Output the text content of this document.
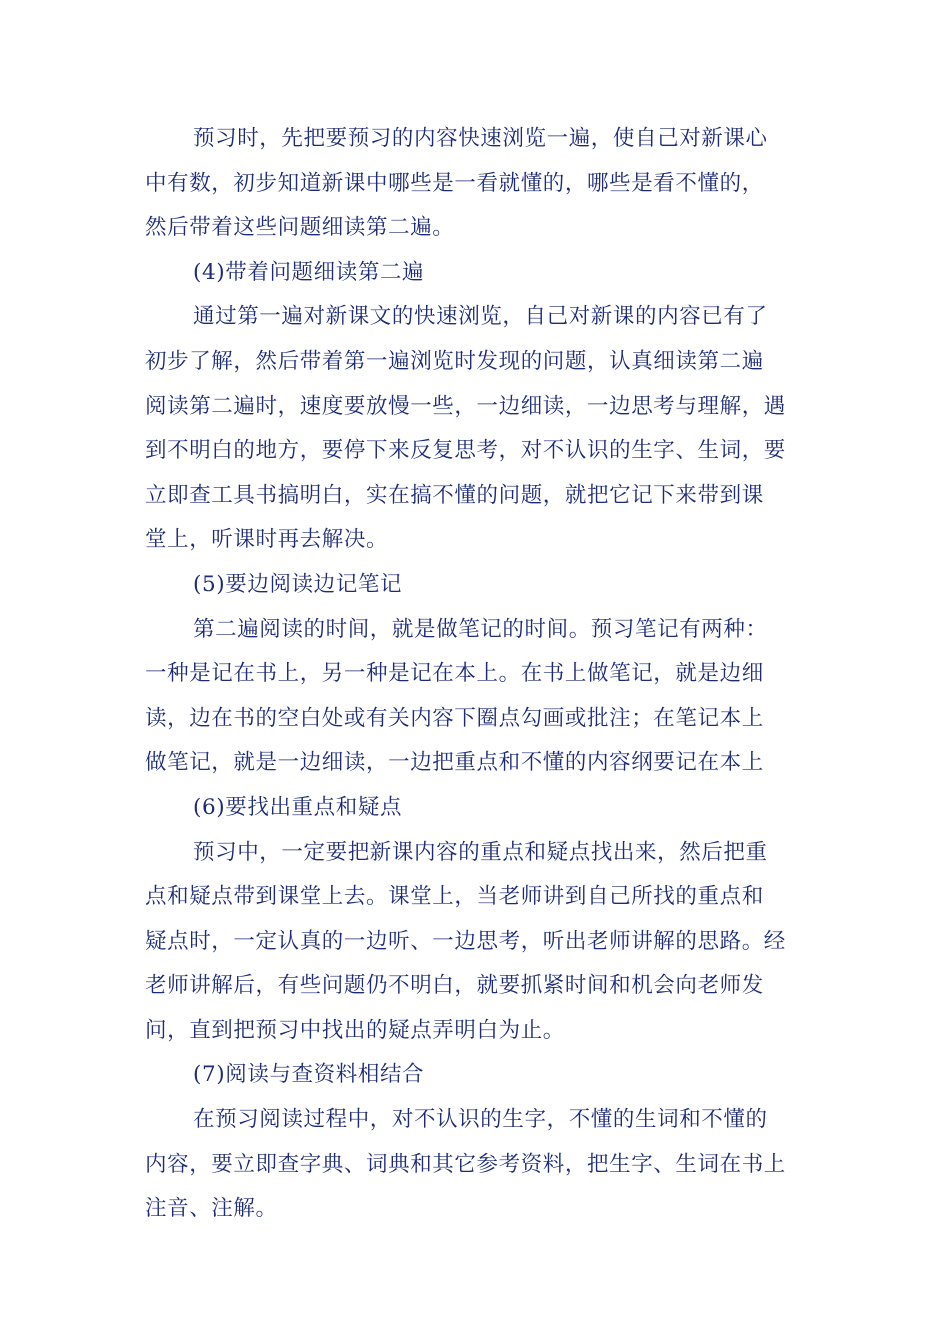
预习时，先把要预习的内容快速浏览一遍，使自己对新课心
中有数，初步知道新课中哪些是一看就懂的，哪些是看不懂的，
然后带着这些问题细读第二遍。
(4)带着问题细读第二遍
通过第一遍对新课文的快速浏览，自己对新课的内容已有了
初步了解，然后带着第一遍浏览时发现的问题，认真细读第二遍
阅读第二遍时，速度要放慢一些，一边细读，一边思考与理解，遇
到不明白的地方，要停下来反复思考，对不认识的生字、生词，要
立即查工具书搞明白，实在搞不懂的问题，就把它记下来带到课
堂上，听课时再去解决。
(5)要边阅读边记笔记
第二遍阅读的时间，就是做笔记的时间。预习笔记有两种：
一种是记在书上，另一种是记在本上。在书上做笔记，就是边细
读，边在书的空白处或有关内容下圈点勾画或批注；在笔记本上
做笔记，就是一边细读，一边把重点和不懂的内容纲要记在本上
(6)要找出重点和疑点
预习中，一定要把新课内容的重点和疑点找出来，然后把重
点和疑点带到课堂上去。课堂上，当老师讲到自己所找的重点和
疑点时，一定认真的一边听、一边思考，听出老师讲解的思路。经
老师讲解后，有些问题仍不明白，就要抓紧时间和机会向老师发
问，直到把预习中找出的疑点弄明白为止。
(7)阅读与查资料相结合
在预习阅读过程中，对不认识的生字，不懂的生词和不懂的
内容，要立即查字典、词典和其它参考资料，把生字、生词在书上
注音、注解。
